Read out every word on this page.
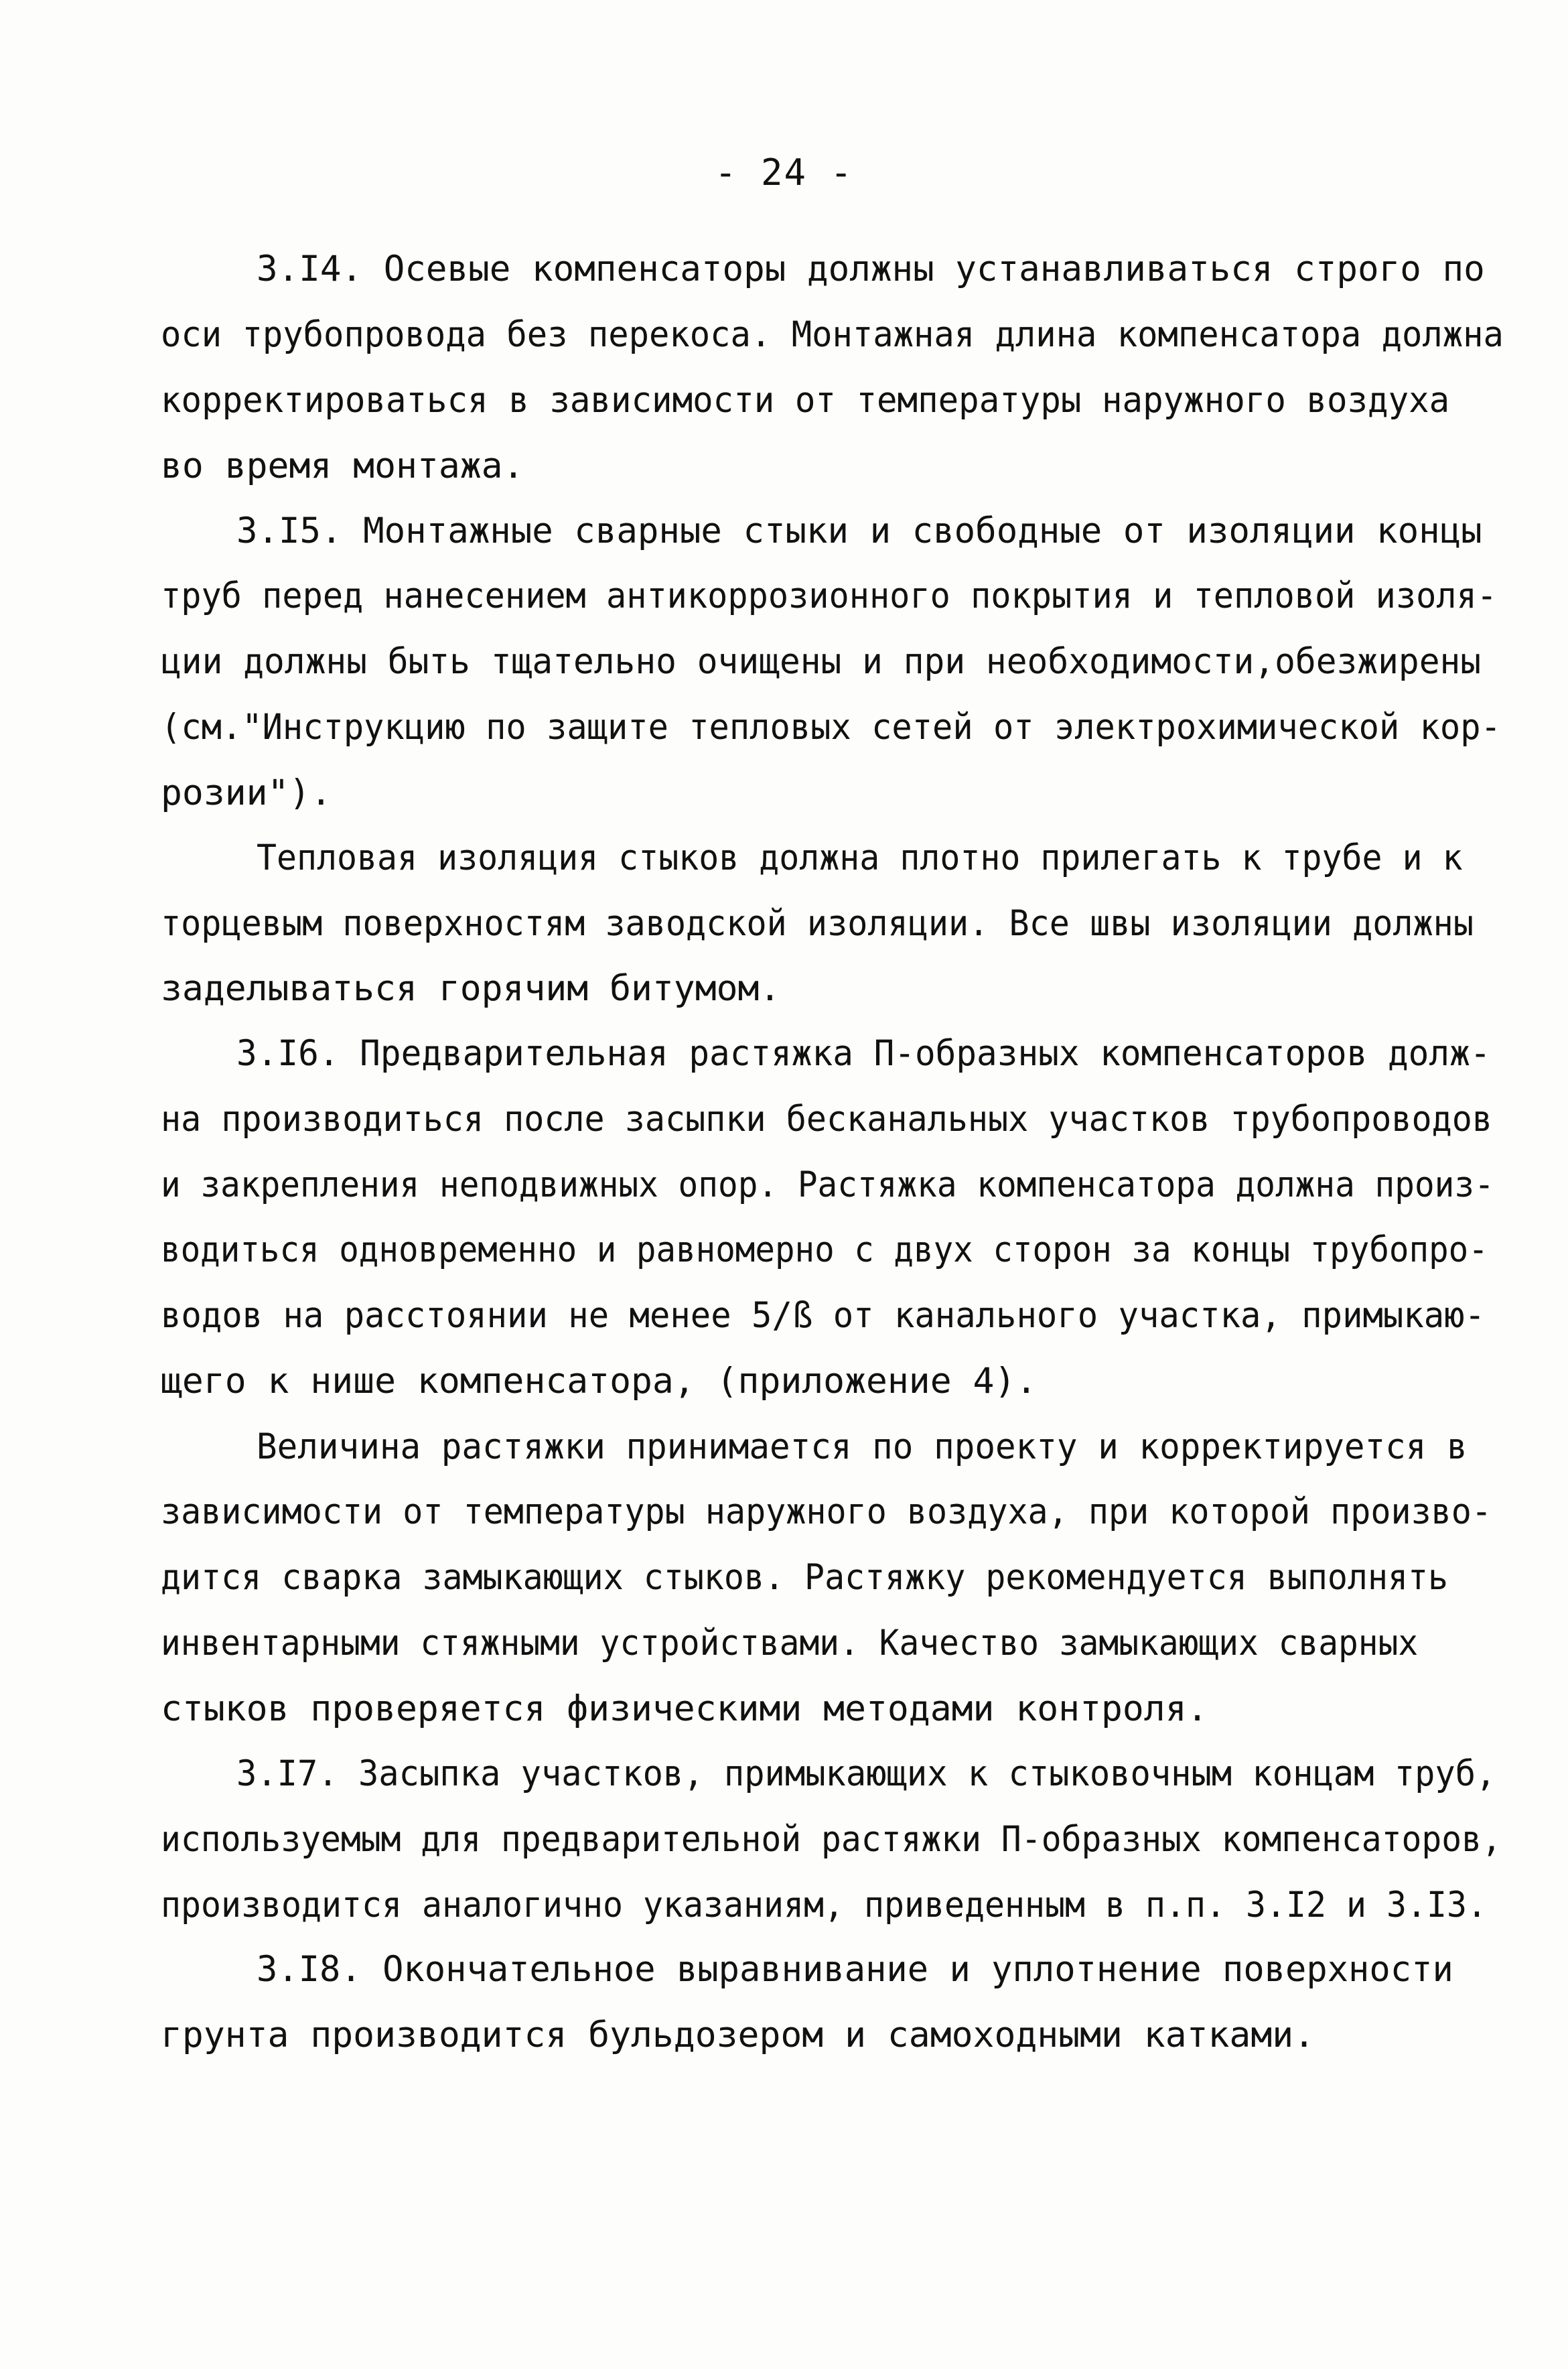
- 24 -
3.I4. Осевые компенсаторы должны устанавливаться строго по
оси трубопровода без перекоса. Монтажная длина компенсатора должна
корректироваться в зависимости от температуры наружного воздуха
во время монтажа.
3.I5. Монтажные сварные стыки и свободные от изоляции концы
труб перед нанесением антикоррозионного покрытия и тепловой изоля-
ции должны быть тщательно очищены и при необходимости,обезжирены
(см."Инструкцию по защите тепловых сетей от электрохимической кор-
розии").
Тепловая изоляция стыков должна плотно прилегать к трубе и к
торцевым поверхностям заводской изоляции. Все швы изоляции должны
заделываться горячим битумом.
3.I6. Предварительная растяжка П-образных компенсаторов долж-
на производиться после засыпки бесканальных участков трубопроводов
и закрепления неподвижных опор. Растяжка компенсатора должна произ-
водиться одновременно и равномерно с двух сторон за концы трубопро-
водов на расстоянии не менее 5/ß от канального участка, примыкаю-
щего к нише компенсатора, (приложение 4).
Величина растяжки принимается по проекту и корректируется в
зависимости от температуры наружного воздуха, при которой произво-
дится сварка замыкающих стыков. Растяжку рекомендуется выполнять
инвентарными стяжными устройствами. Качество замыкающих сварных
стыков проверяется физическими методами контроля.
3.I7. Засыпка участков, примыкающих к стыковочным концам труб,
используемым для предварительной растяжки П-образных компенсаторов,
производится аналогично указаниям, приведенным в п.п. 3.I2 и 3.I3.
3.I8. Окончательное выравнивание и уплотнение поверхности
грунта производится бульдозером и самоходными катками.
